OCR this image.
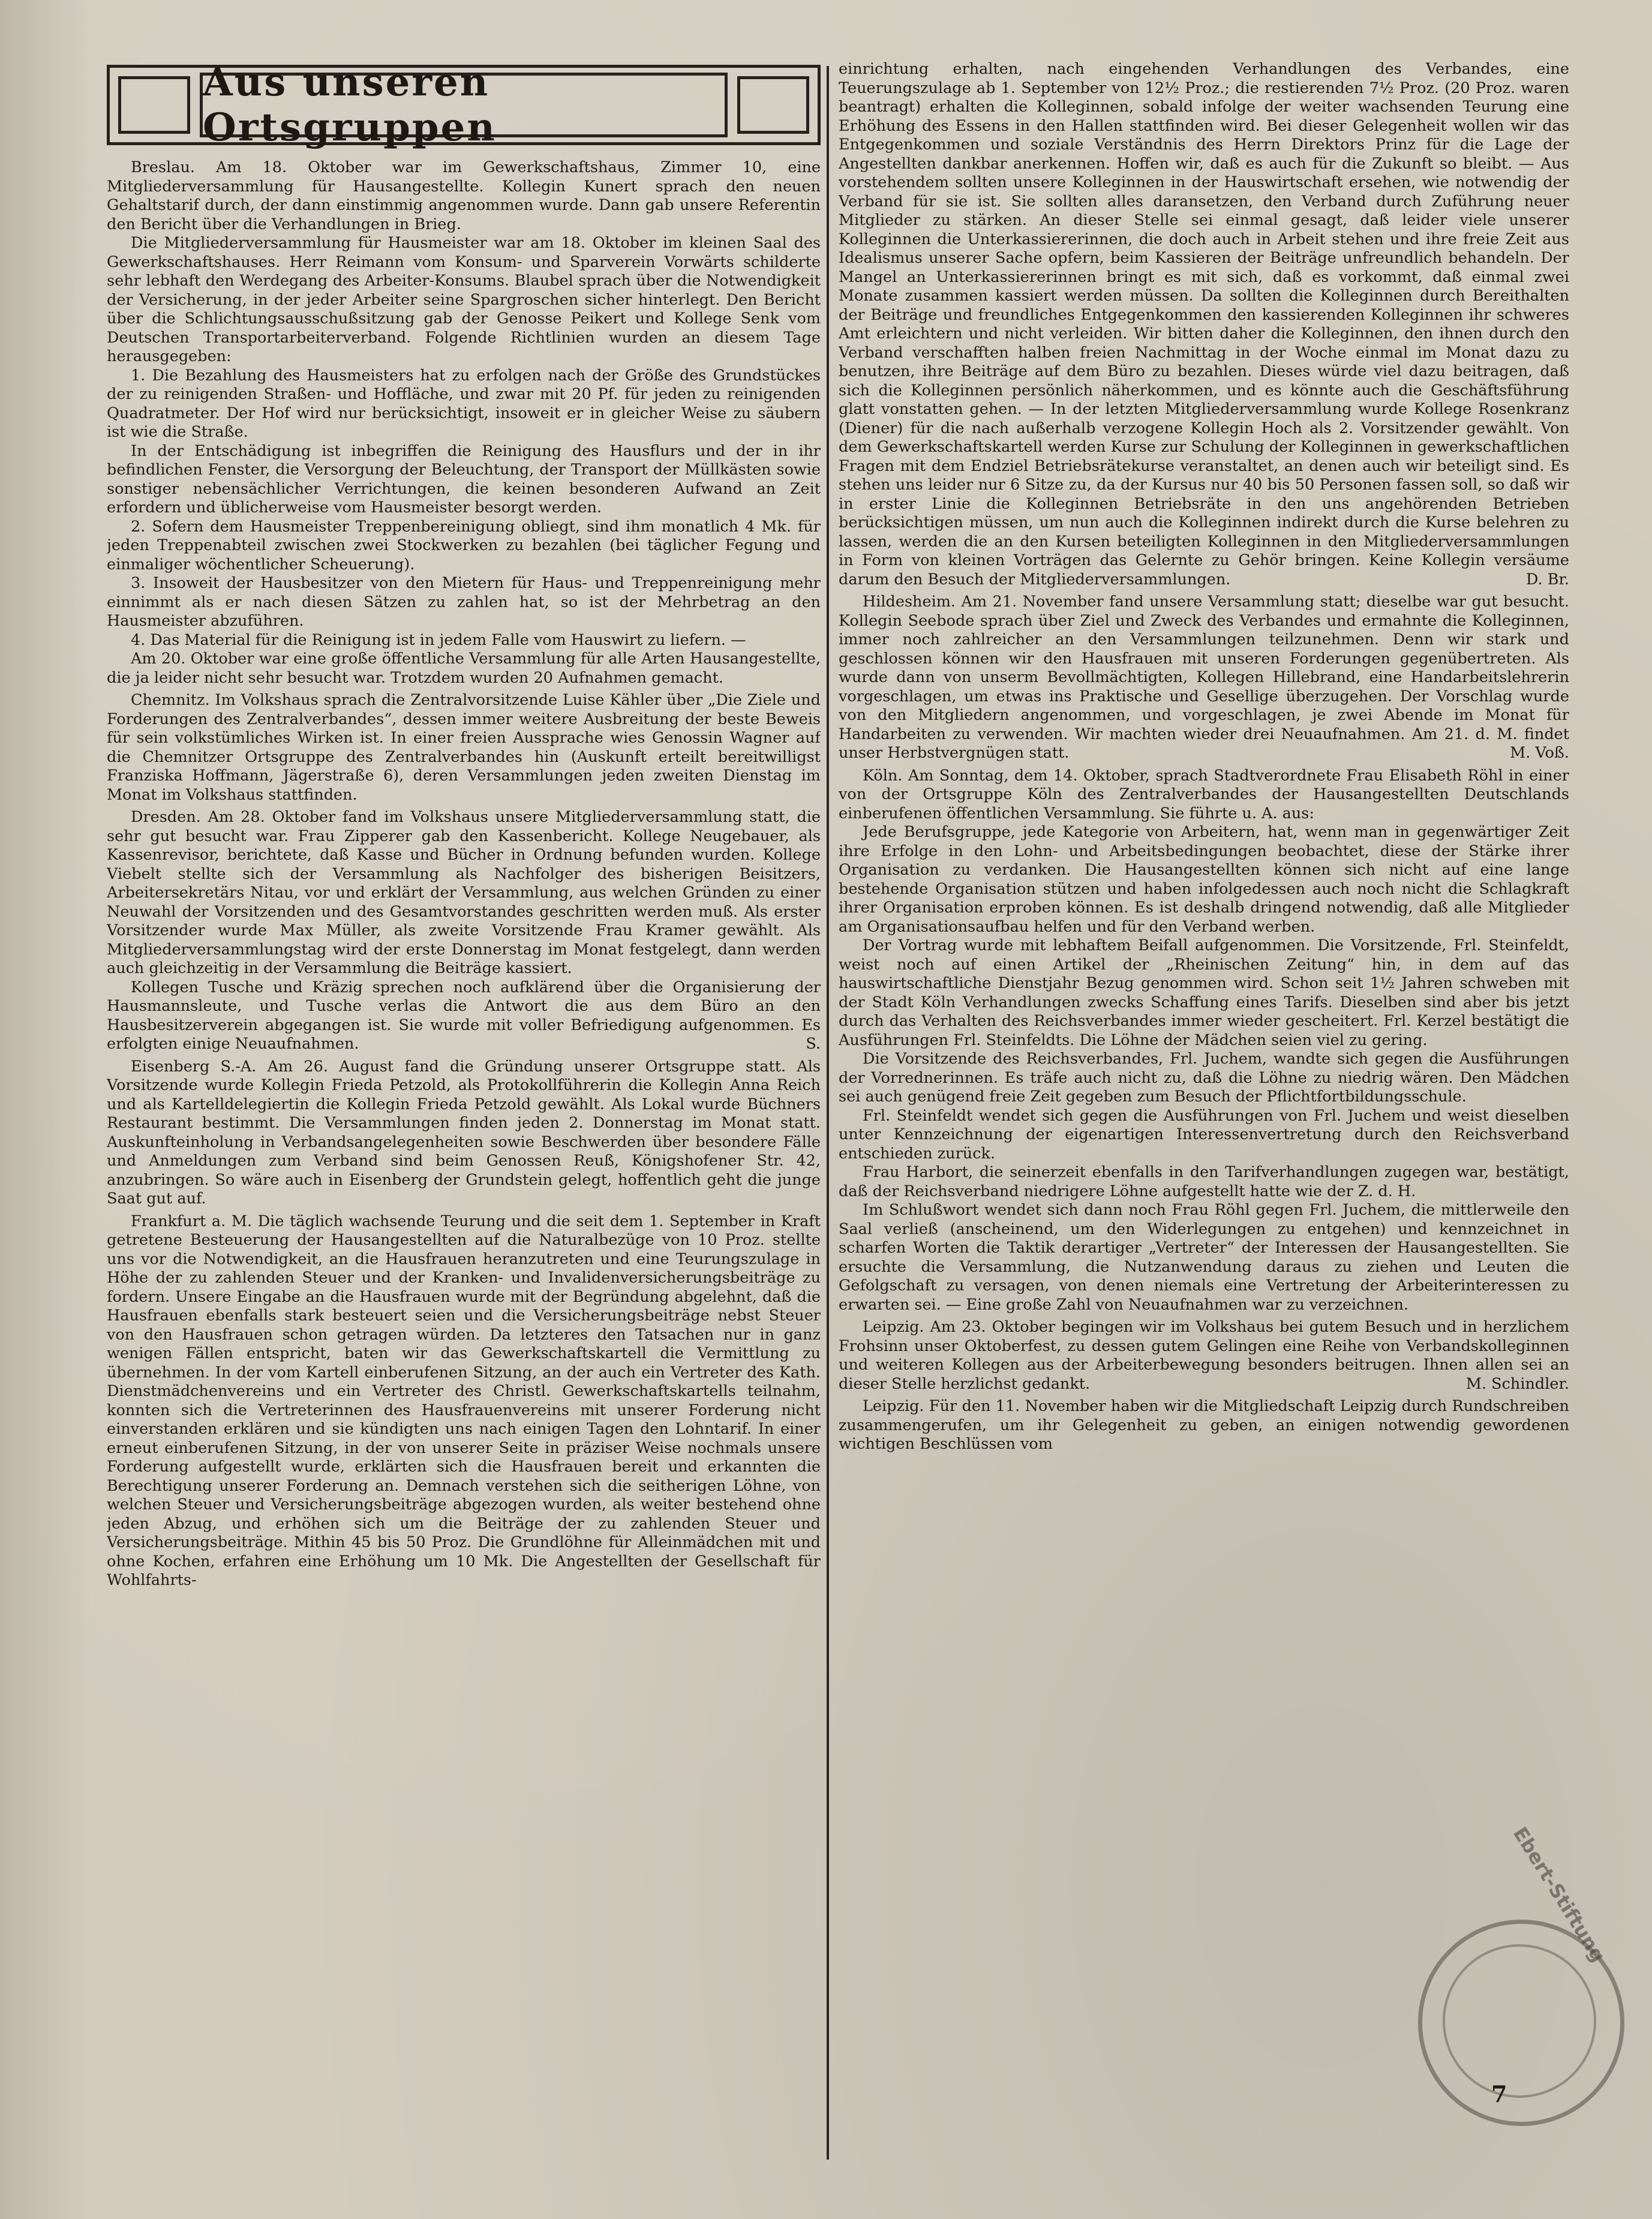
Aus unseren Ortsgruppen

Breslau. Am 18. Oktober war im Gewerkschaftshaus, Zimmer 10, eine Mitgliederversammlung für Hausangestellte. Kollegin Kunert sprach den neuen Gehaltstarif durch, der dann einstimmig angenommen wurde. Dann gab unsere Referentin den Bericht über die Verhandlungen in Brieg.

Die Mitgliederversammlung für Hausmeister war am 18. Oktober im kleinen Saal des Gewerkschaftshauses. Herr Reimann vom Konsum- und Sparverein Vorwärts schilderte sehr lebhaft den Werdegang des Arbeiter-Konsums. Blaubel sprach über die Notwendigkeit der Versicherung, in der jeder Arbeiter seine Spargroschen sicher hinterlegt. Den Bericht über die Schlichtungsausschußsitzung gab der Genosse Peikert und Kollege Senk vom Deutschen Transportarbeiterverband. Folgende Richtlinien wurden an diesem Tage herausgegeben:

1. Die Bezahlung des Hausmeisters hat zu erfolgen nach der Größe des Grundstückes der zu reinigenden Straßen- und Hoffläche, und zwar mit 20 Pf. für jeden zu reinigenden Quadratmeter. Der Hof wird nur berücksichtigt, insoweit er in gleicher Weise zu säubern ist wie die Straße.

In der Entschädigung ist inbegriffen die Reinigung des Hausflurs und der in ihr befindlichen Fenster, die Versorgung der Beleuchtung, der Transport der Müllkästen sowie sonstiger nebensächlicher Verrichtungen, die keinen besonderen Aufwand an Zeit erfordern und üblicherweise vom Hausmeister besorgt werden.

2. Sofern dem Hausmeister Treppenbereinigung obliegt, sind ihm monatlich 4 Mk. für jeden Treppenabteil zwischen zwei Stockwerken zu bezahlen (bei täglicher Fegung und einmaliger wöchentlicher Scheuerung).

3. Insoweit der Hausbesitzer von den Mietern für Haus- und Treppenreinigung mehr einnimmt als er nach diesen Sätzen zu zahlen hat, so ist der Mehrbetrag an den Hausmeister abzuführen.

4. Das Material für die Reinigung ist in jedem Falle vom Hauswirt zu liefern. —

Am 20. Oktober war eine große öffentliche Versammlung für alle Arten Hausangestellte, die ja leider nicht sehr besucht war. Trotzdem wurden 20 Aufnahmen gemacht.

Chemnitz. Im Volkshaus sprach die Zentralvorsitzende Luise Kähler über „Die Ziele und Forderungen des Zentralverbandes“, dessen immer weitere Ausbreitung der beste Beweis für sein volkstümliches Wirken ist. In einer freien Aussprache wies Genossin Wagner auf die Chemnitzer Ortsgruppe des Zentralverbandes hin (Auskunft erteilt bereitwilligst Franziska Hoffmann, Jägerstraße 6), deren Versammlungen jeden zweiten Dienstag im Monat im Volkshaus stattfinden.

Dresden. Am 28. Oktober fand im Volkshaus unsere Mitgliederversammlung statt, die sehr gut besucht war. Frau Zipperer gab den Kassenbericht. Kollege Neugebauer, als Kassenrevisor, berichtete, daß Kasse und Bücher in Ordnung befunden wurden. Kollege Viebelt stellte sich der Versammlung als Nachfolger des bisherigen Beisitzers, Arbeitersekretärs Nitau, vor und erklärt der Versammlung, aus welchen Gründen zu einer Neuwahl der Vorsitzenden und des Gesamtvorstandes geschritten werden muß. Als erster Vorsitzender wurde Max Müller, als zweite Vorsitzende Frau Kramer gewählt. Als Mitgliederversammlungstag wird der erste Donnerstag im Monat festgelegt, dann werden auch gleichzeitig in der Versammlung die Beiträge kassiert.

Kollegen Tusche und Kräzig sprechen noch aufklärend über die Organisierung der Hausmannsleute, und Tusche verlas die Antwort die aus dem Büro an den Hausbesitzerverein abgegangen ist. Sie wurde mit voller Befriedigung aufgenommen. Es erfolgten einige Neuaufnahmen.	S.

Eisenberg S.-A. Am 26. August fand die Gründung unserer Ortsgruppe statt. Als Vorsitzende wurde Kollegin Frieda Petzold, als Protokollführerin die Kollegin Anna Reich und als Kartelldelegiertin die Kollegin Frieda Petzold gewählt. Als Lokal wurde Büchners Restaurant bestimmt. Die Versammlungen finden jeden 2. Donnerstag im Monat statt. Auskunfteinholung in Verbandsangelegenheiten sowie Beschwerden über besondere Fälle und Anmeldungen zum Verband sind beim Genossen Reuß, Königshofener Str. 42, anzubringen. So wäre auch in Eisenberg der Grundstein gelegt, hoffentlich geht die junge Saat gut auf.

Frankfurt a. M. Die täglich wachsende Teurung und die seit dem 1. September in Kraft getretene Besteuerung der Hausangestellten auf die Naturalbezüge von 10 Proz. stellte uns vor die Notwendigkeit, an die Hausfrauen heranzutreten und eine Teurungszulage in Höhe der zu zahlenden Steuer und der Kranken- und Invalidenversicherungsbeiträge zu fordern. Unsere Eingabe an die Hausfrauen wurde mit der Begründung abgelehnt, daß die Hausfrauen ebenfalls stark besteuert seien und die Versicherungsbeiträge nebst Steuer von den Hausfrauen schon getragen würden. Da letzteres den Tatsachen nur in ganz wenigen Fällen entspricht, baten wir das Gewerkschaftskartell die Vermittlung zu übernehmen. In der vom Kartell einberufenen Sitzung, an der auch ein Vertreter des Kath. Dienstmädchenvereins und ein Vertreter des Christl. Gewerkschaftskartells teilnahm, konnten sich die Vertreterinnen des Hausfrauenvereins mit unserer Forderung nicht einverstanden erklären und sie kündigten uns nach einigen Tagen den Lohntarif. In einer erneut einberufenen Sitzung, in der von unserer Seite in präziser Weise nochmals unsere Forderung aufgestellt wurde, erklärten sich die Hausfrauen bereit und erkannten die Berechtigung unserer Forderung an. Demnach verstehen sich die seitherigen Löhne, von welchen Steuer und Versicherungsbeiträge abgezogen wurden, als weiter bestehend ohne jeden Abzug, und erhöhen sich um die Beiträge der zu zahlenden Steuer und Versicherungsbeiträge. Mithin 45 bis 50 Proz. Die Grundlöhne für Alleinmädchen mit und ohne Kochen, erfahren eine Erhöhung um 10 Mk. Die Angestellten der Gesellschaft für Wohlfahrts-

einrichtung erhalten, nach eingehenden Verhandlungen des Verbandes, eine Teuerungszulage ab 1. September von 12½ Proz.; die restierenden 7½ Proz. (20 Proz. waren beantragt) erhalten die Kolleginnen, sobald infolge der weiter wachsenden Teurung eine Erhöhung des Essens in den Hallen stattfinden wird. Bei dieser Gelegenheit wollen wir das Entgegenkommen und soziale Verständnis des Herrn Direktors Prinz für die Lage der Angestellten dankbar anerkennen. Hoffen wir, daß es auch für die Zukunft so bleibt. — Aus vorstehendem sollten unsere Kolleginnen in der Hauswirtschaft ersehen, wie notwendig der Verband für sie ist. Sie sollten alles daransetzen, den Verband durch Zuführung neuer Mitglieder zu stärken. An dieser Stelle sei einmal gesagt, daß leider viele unserer Kolleginnen die Unterkassiererinnen, die doch auch in Arbeit stehen und ihre freie Zeit aus Idealismus unserer Sache opfern, beim Kassieren der Beiträge unfreundlich behandeln. Der Mangel an Unterkassiererinnen bringt es mit sich, daß es vorkommt, daß einmal zwei Monate zusammen kassiert werden müssen. Da sollten die Kolleginnen durch Bereithalten der Beiträge und freundliches Entgegenkommen den kassierenden Kolleginnen ihr schweres Amt erleichtern und nicht verleiden. Wir bitten daher die Kolleginnen, den ihnen durch den Verband verschafften halben freien Nachmittag in der Woche einmal im Monat dazu zu benutzen, ihre Beiträge auf dem Büro zu bezahlen. Dieses würde viel dazu beitragen, daß sich die Kolleginnen persönlich näherkommen, und es könnte auch die Geschäftsführung glatt vonstatten gehen. — In der letzten Mitgliederversammlung wurde Kollege Rosenkranz (Diener) für die nach außerhalb verzogene Kollegin Hoch als 2. Vorsitzender gewählt. Von dem Gewerkschaftskartell werden Kurse zur Schulung der Kolleginnen in gewerkschaftlichen Fragen mit dem Endziel Betriebsrätekurse veranstaltet, an denen auch wir beteiligt sind. Es stehen uns leider nur 6 Sitze zu, da der Kursus nur 40 bis 50 Personen fassen soll, so daß wir in erster Linie die Kolleginnen Betriebsräte in den uns angehörenden Betrieben berücksichtigen müssen, um nun auch die Kolleginnen indirekt durch die Kurse belehren zu lassen, werden die an den Kursen beteiligten Kolleginnen in den Mitgliederversammlungen in Form von kleinen Vorträgen das Gelernte zu Gehör bringen. Keine Kollegin versäume darum den Besuch der Mitgliederversammlungen.	D. Br.

Hildesheim. Am 21. November fand unsere Versammlung statt; dieselbe war gut besucht. Kollegin Seebode sprach über Ziel und Zweck des Verbandes und ermahnte die Kolleginnen, immer noch zahlreicher an den Versammlungen teilzunehmen. Denn wir stark und geschlossen können wir den Hausfrauen mit unseren Forderungen gegenübertreten. Als wurde dann von unserm Bevollmächtigten, Kollegen Hillebrand, eine Handarbeitslehrerin vorgeschlagen, um etwas ins Praktische und Gesellige überzugehen. Der Vorschlag wurde von den Mitgliedern angenommen, und vorgeschlagen, je zwei Abende im Monat für Handarbeiten zu verwenden. Wir machten wieder drei Neuaufnahmen. Am 21. d. M. findet unser Herbstvergnügen statt.	M. Voß.

Köln. Am Sonntag, dem 14. Oktober, sprach Stadtverordnete Frau Elisabeth Röhl in einer von der Ortsgruppe Köln des Zentralverbandes der Hausangestellten Deutschlands einberufenen öffentlichen Versammlung. Sie führte u. A. aus:

Jede Berufsgruppe, jede Kategorie von Arbeitern, hat, wenn man in gegenwärtiger Zeit ihre Erfolge in den Lohn- und Arbeitsbedingungen beobachtet, diese der Stärke ihrer Organisation zu verdanken. Die Hausangestellten können sich nicht auf eine lange bestehende Organisation stützen und haben infolgedessen auch noch nicht die Schlagkraft ihrer Organisation erproben können. Es ist deshalb dringend notwendig, daß alle Mitglieder am Organisationsaufbau helfen und für den Verband werben.

Der Vortrag wurde mit lebhaftem Beifall aufgenommen. Die Vorsitzende, Frl. Steinfeldt, weist noch auf einen Artikel der „Rheinischen Zeitung“ hin, in dem auf das hauswirtschaftliche Dienstjahr Bezug genommen wird. Schon seit 1½ Jahren schweben mit der Stadt Köln Verhandlungen zwecks Schaffung eines Tarifs. Dieselben sind aber bis jetzt durch das Verhalten des Reichsverbandes immer wieder gescheitert. Frl. Kerzel bestätigt die Ausführungen Frl. Steinfeldts. Die Löhne der Mädchen seien viel zu gering.

Die Vorsitzende des Reichsverbandes, Frl. Juchem, wandte sich gegen die Ausführungen der Vorrednerinnen. Es träfe auch nicht zu, daß die Löhne zu niedrig wären. Den Mädchen sei auch genügend freie Zeit gegeben zum Besuch der Pflichtfortbildungsschule.

Frl. Steinfeldt wendet sich gegen die Ausführungen von Frl. Juchem und weist dieselben unter Kennzeichnung der eigenartigen Interessenvertretung durch den Reichsverband entschieden zurück.

Frau Harbort, die seinerzeit ebenfalls in den Tarifverhandlungen zugegen war, bestätigt, daß der Reichsverband niedrigere Löhne aufgestellt hatte wie der Z. d. H.

Im Schlußwort wendet sich dann noch Frau Röhl gegen Frl. Juchem, die mittlerweile den Saal verließ (anscheinend, um den Widerlegungen zu entgehen) und kennzeichnet in scharfen Worten die Taktik derartiger „Vertreter“ der Interessen der Hausangestellten. Sie ersuchte die Versammlung, die Nutzanwendung daraus zu ziehen und Leuten die Gefolgschaft zu versagen, von denen niemals eine Vertretung der Arbeiterinteressen zu erwarten sei. — Eine große Zahl von Neuaufnahmen war zu verzeichnen.

Leipzig. Am 23. Oktober begingen wir im Volkshaus bei gutem Besuch und in herzlichem Frohsinn unser Oktoberfest, zu dessen gutem Gelingen eine Reihe von Verbandskolleginnen und weiteren Kollegen aus der Arbeiterbewegung besonders beitrugen. Ihnen allen sei an dieser Stelle herzlichst gedankt.	M. Schindler.

Leipzig. Für den 11. November haben wir die Mitgliedschaft Leipzig durch Rundschreiben zusammengerufen, um ihr Gelegenheit zu geben, an einigen notwendig gewordenen wichtigen Beschlüssen vom

Ebert-Stiftung
7
